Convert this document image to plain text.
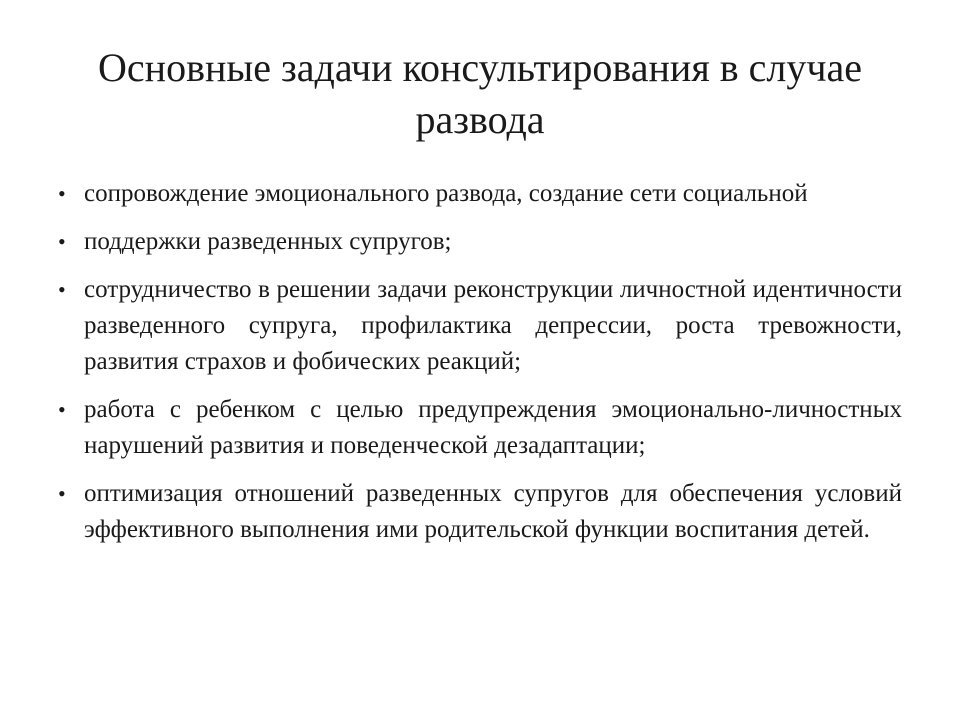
Основные задачи консультирования в случае развода
• сопровождение эмоционального развода, создание сети социальной
• поддержки разведенных супругов;
• сотрудничество в решении задачи реконструкции личностной идентичности разведенного супруга, профилактика депрессии, роста тревожности, развития страхов и фобических реакций;
• работа с ребенком с целью предупреждения эмоционально-личностных нарушений развития и поведенческой дезадаптации;
• оптимизация отношений разведенных супругов для обеспечения условий эффективного выполнения ими родительской функции воспитания детей.
